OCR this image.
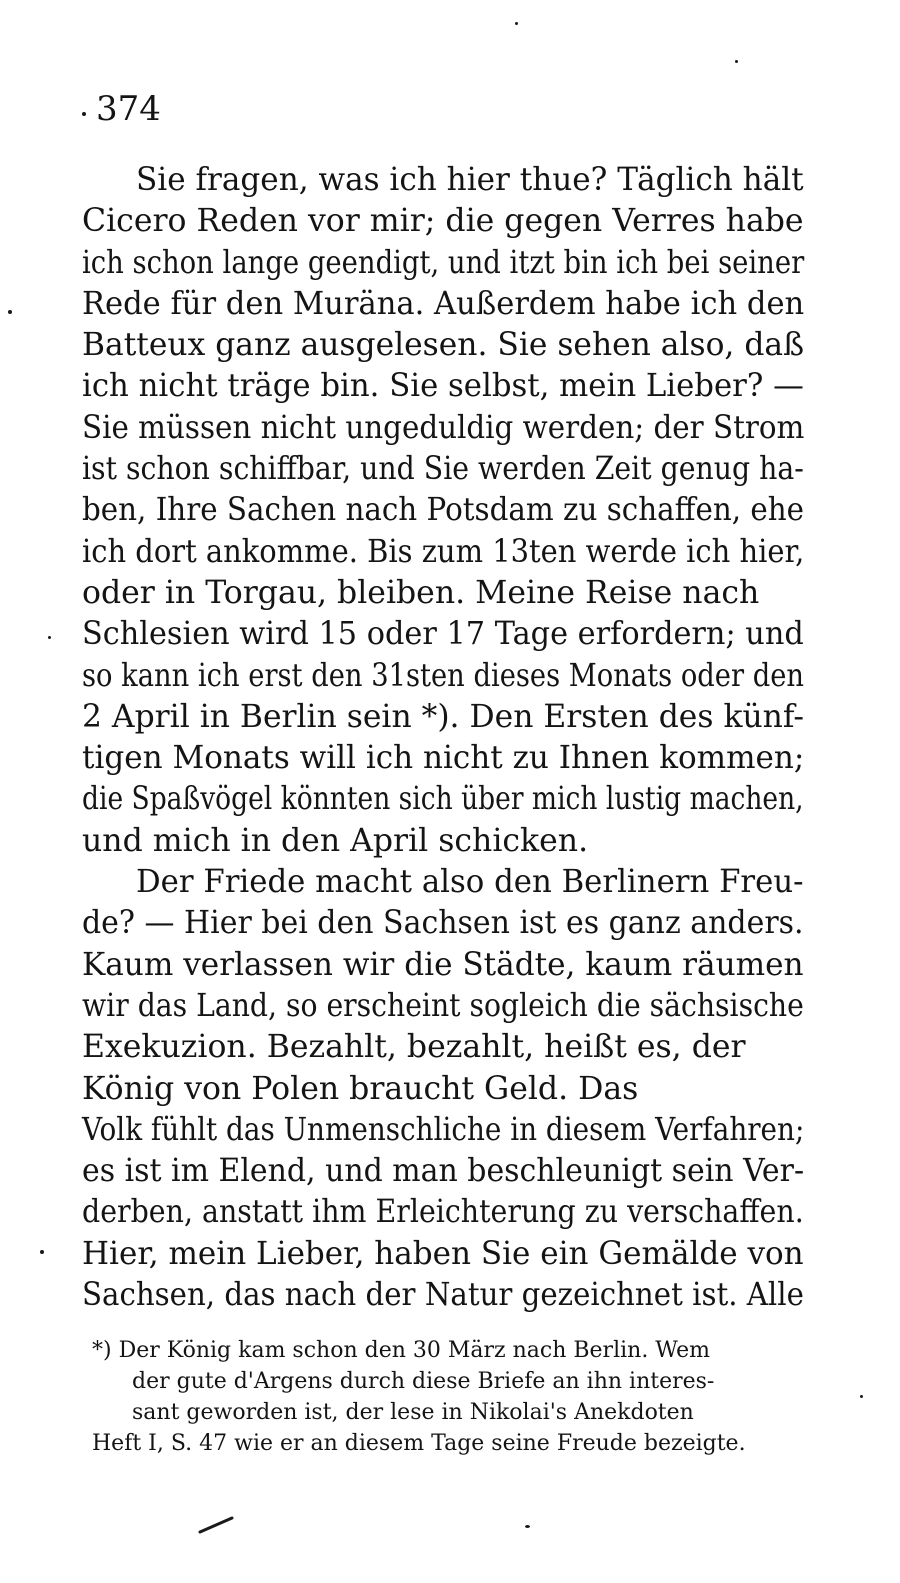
374
Sie fragen, was ich hier thue? Täglich hält
Cicero Reden vor mir; die gegen Verres habe
ich schon lange geendigt, und itzt bin ich bei seiner
Rede für den Muräna. Außerdem habe ich den
Batteux ganz ausgelesen. Sie sehen also, daß
ich nicht träge bin. Sie selbst, mein Lieber? —
Sie müssen nicht ungeduldig werden; der Strom
ist schon schiffbar, und Sie werden Zeit genug ha-
ben, Ihre Sachen nach Potsdam zu schaffen, ehe
ich dort ankomme. Bis zum 13ten werde ich hier,
oder in Torgau, bleiben. Meine Reise nach
Schlesien wird 15 oder 17 Tage erfordern; und
so kann ich erst den 31sten dieses Monats oder den
2 April in Berlin sein *). Den Ersten des künf-
tigen Monats will ich nicht zu Ihnen kommen;
die Spaßvögel könnten sich über mich lustig machen,
und mich in den April schicken.
Der Friede macht also den Berlinern Freu-
de? — Hier bei den Sachsen ist es ganz anders.
Kaum verlassen wir die Städte, kaum räumen
wir das Land, so erscheint sogleich die sächsische
Exekuzion. Bezahlt, bezahlt, heißt es, der
König von Polen braucht Geld. Das
Volk fühlt das Unmenschliche in diesem Verfahren;
es ist im Elend, und man beschleunigt sein Ver-
derben, anstatt ihm Erleichterung zu verschaffen.
Hier, mein Lieber, haben Sie ein Gemälde von
Sachsen, das nach der Natur gezeichnet ist. Alle
*) Der König kam schon den 30 März nach Berlin. Wem
der gute d'Argens durch diese Briefe an ihn interes-
sant geworden ist, der lese in Nikolai's Anekdoten
Heft I, S. 47 wie er an diesem Tage seine Freude bezeigte.
